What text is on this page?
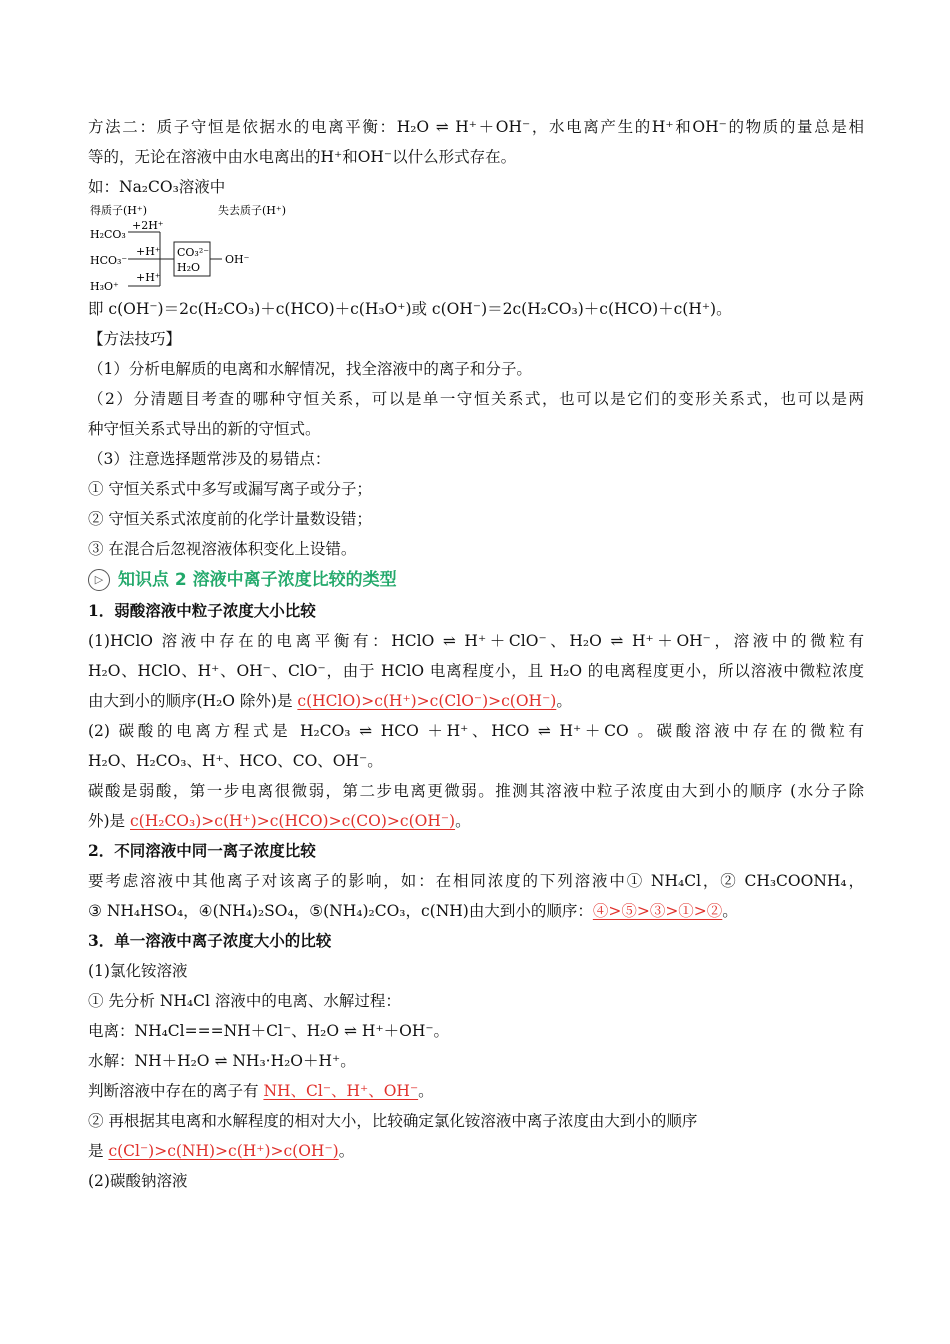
方法二：质子守恒是依据水的电离平衡：H₂O ⇌ H⁺＋OH⁻，水电离产生的H⁺和OH⁻的物质的量总是相
等的，无论在溶液中由水电离出的H⁺和OH⁻以什么形式存在。
如：Na₂CO₃溶液中
得质子(H⁺)	失去质子(H⁺)
H₂CO₃
HCO₃⁻
H₃O⁺
+2H⁺
+H⁺
+H⁺
CO₃²⁻
H₂O
OH⁻
即 c(OH⁻)＝2c(H₂CO₃)＋c(HCO)＋c(H₃O⁺)或 c(OH⁻)＝2c(H₂CO₃)＋c(HCO)＋c(H⁺)。
【方法技巧】
（1）分析电解质的电离和水解情况，找全溶液中的离子和分子。
（2）分清题目考查的哪种守恒关系，可以是单一守恒关系式，也可以是它们的变形关系式，也可以是两
种守恒关系式导出的新的守恒式。
（3）注意选择题常涉及的易错点：
① 守恒关系式中多写或漏写离子或分子；
② 守恒关系式浓度前的化学计量数设错；
③ 在混合后忽视溶液体积变化上设错。
▷ 知识点 2 溶液中离子浓度比较的类型
1．弱酸溶液中粒子浓度大小比较
(1)HClO 溶液中存在的电离平衡有：HClO ⇌ H⁺＋ClO⁻、H₂O ⇌ H⁺＋OH⁻，溶液中的微粒有
H₂O、HClO、H⁺、OH⁻、ClO⁻，由于 HClO 电离程度小，且 H₂O 的电离程度更小，所以溶液中微粒浓度
由大到小的顺序(H₂O 除外)是 c(HClO)>c(H⁺)>c(ClO⁻)>c(OH⁻)。
(2) 碳酸的电离方程式是 H₂CO₃ ⇌ HCO ＋H⁺、HCO ⇌ H⁺＋CO 。碳酸溶液中存在的微粒有
H₂O、H₂CO₃、H⁺、HCO、CO、OH⁻。
碳酸是弱酸，第一步电离很微弱，第二步电离更微弱。推测其溶液中粒子浓度由大到小的顺序 (水分子除
外)是 c(H₂CO₃)>c(H⁺)>c(HCO)>c(CO)>c(OH⁻)。
2．不同溶液中同一离子浓度比较
要考虑溶液中其他离子对该离子的影响，如：在相同浓度的下列溶液中① NH₄Cl，② CH₃COONH₄，
③ NH₄HSO₄，④(NH₄)₂SO₄，⑤(NH₄)₂CO₃，c(NH)由大到小的顺序：④>⑤>③>①>②。
3．单一溶液中离子浓度大小的比较
(1)氯化铵溶液
① 先分析 NH₄Cl 溶液中的电离、水解过程：
电离：NH₄Cl===NH＋Cl⁻、H₂O ⇌ H⁺＋OH⁻。
水解：NH＋H₂O ⇌ NH₃·H₂O＋H⁺。
判断溶液中存在的离子有 NH、Cl⁻、H⁺、OH⁻。
② 再根据其电离和水解程度的相对大小，比较确定氯化铵溶液中离子浓度由大到小的顺序
是 c(Cl⁻)>c(NH)>c(H⁺)>c(OH⁻)。
(2)碳酸钠溶液
